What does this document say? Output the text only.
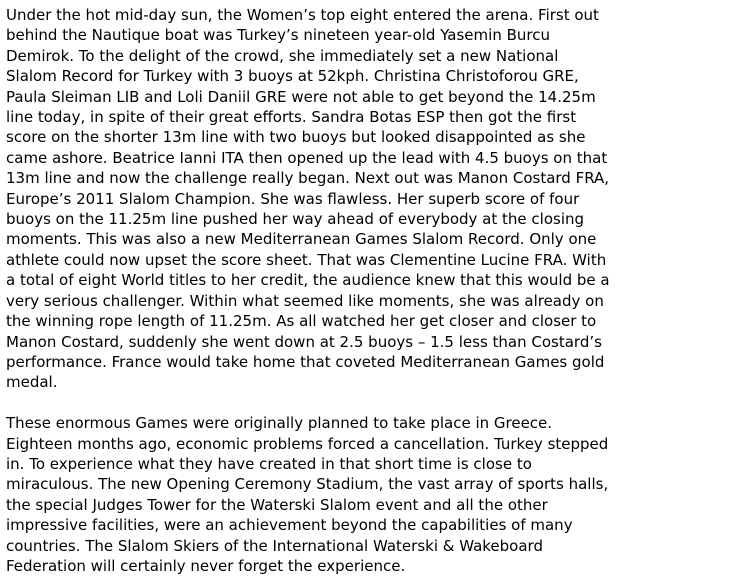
Under the hot mid-day sun, the Women’s top eight entered the arena. First out
behind the Nautique boat was Turkey’s nineteen year-old Yasemin Burcu
Demirok. To the delight of the crowd, she immediately set a new National
Slalom Record for Turkey with 3 buoys at 52kph. Christina Christoforou GRE,
Paula Sleiman LIB and Loli Daniil GRE were not able to get beyond the 14.25m
line today, in spite of their great efforts. Sandra Botas ESP then got the first
score on the shorter 13m line with two buoys but looked disappointed as she
came ashore. Beatrice Ianni ITA then opened up the lead with 4.5 buoys on that
13m line and now the challenge really began. Next out was Manon Costard FRA,
Europe’s 2011 Slalom Champion. She was flawless. Her superb score of four
buoys on the 11.25m line pushed her way ahead of everybody at the closing
moments. This was also a new Mediterranean Games Slalom Record. Only one
athlete could now upset the score sheet. That was Clementine Lucine FRA. With
a total of eight World titles to her credit, the audience knew that this would be a
very serious challenger. Within what seemed like moments, she was already on
the winning rope length of 11.25m. As all watched her get closer and closer to
Manon Costard, suddenly she went down at 2.5 buoys – 1.5 less than Costard’s
performance. France would take home that coveted Mediterranean Games gold
medal.
These enormous Games were originally planned to take place in Greece.
Eighteen months ago, economic problems forced a cancellation. Turkey stepped
in. To experience what they have created in that short time is close to
miraculous. The new Opening Ceremony Stadium, the vast array of sports halls,
the special Judges Tower for the Waterski Slalom event and all the other
impressive facilities, were an achievement beyond the capabilities of many
countries. The Slalom Skiers of the International Waterski & Wakeboard
Federation will certainly never forget the experience.
